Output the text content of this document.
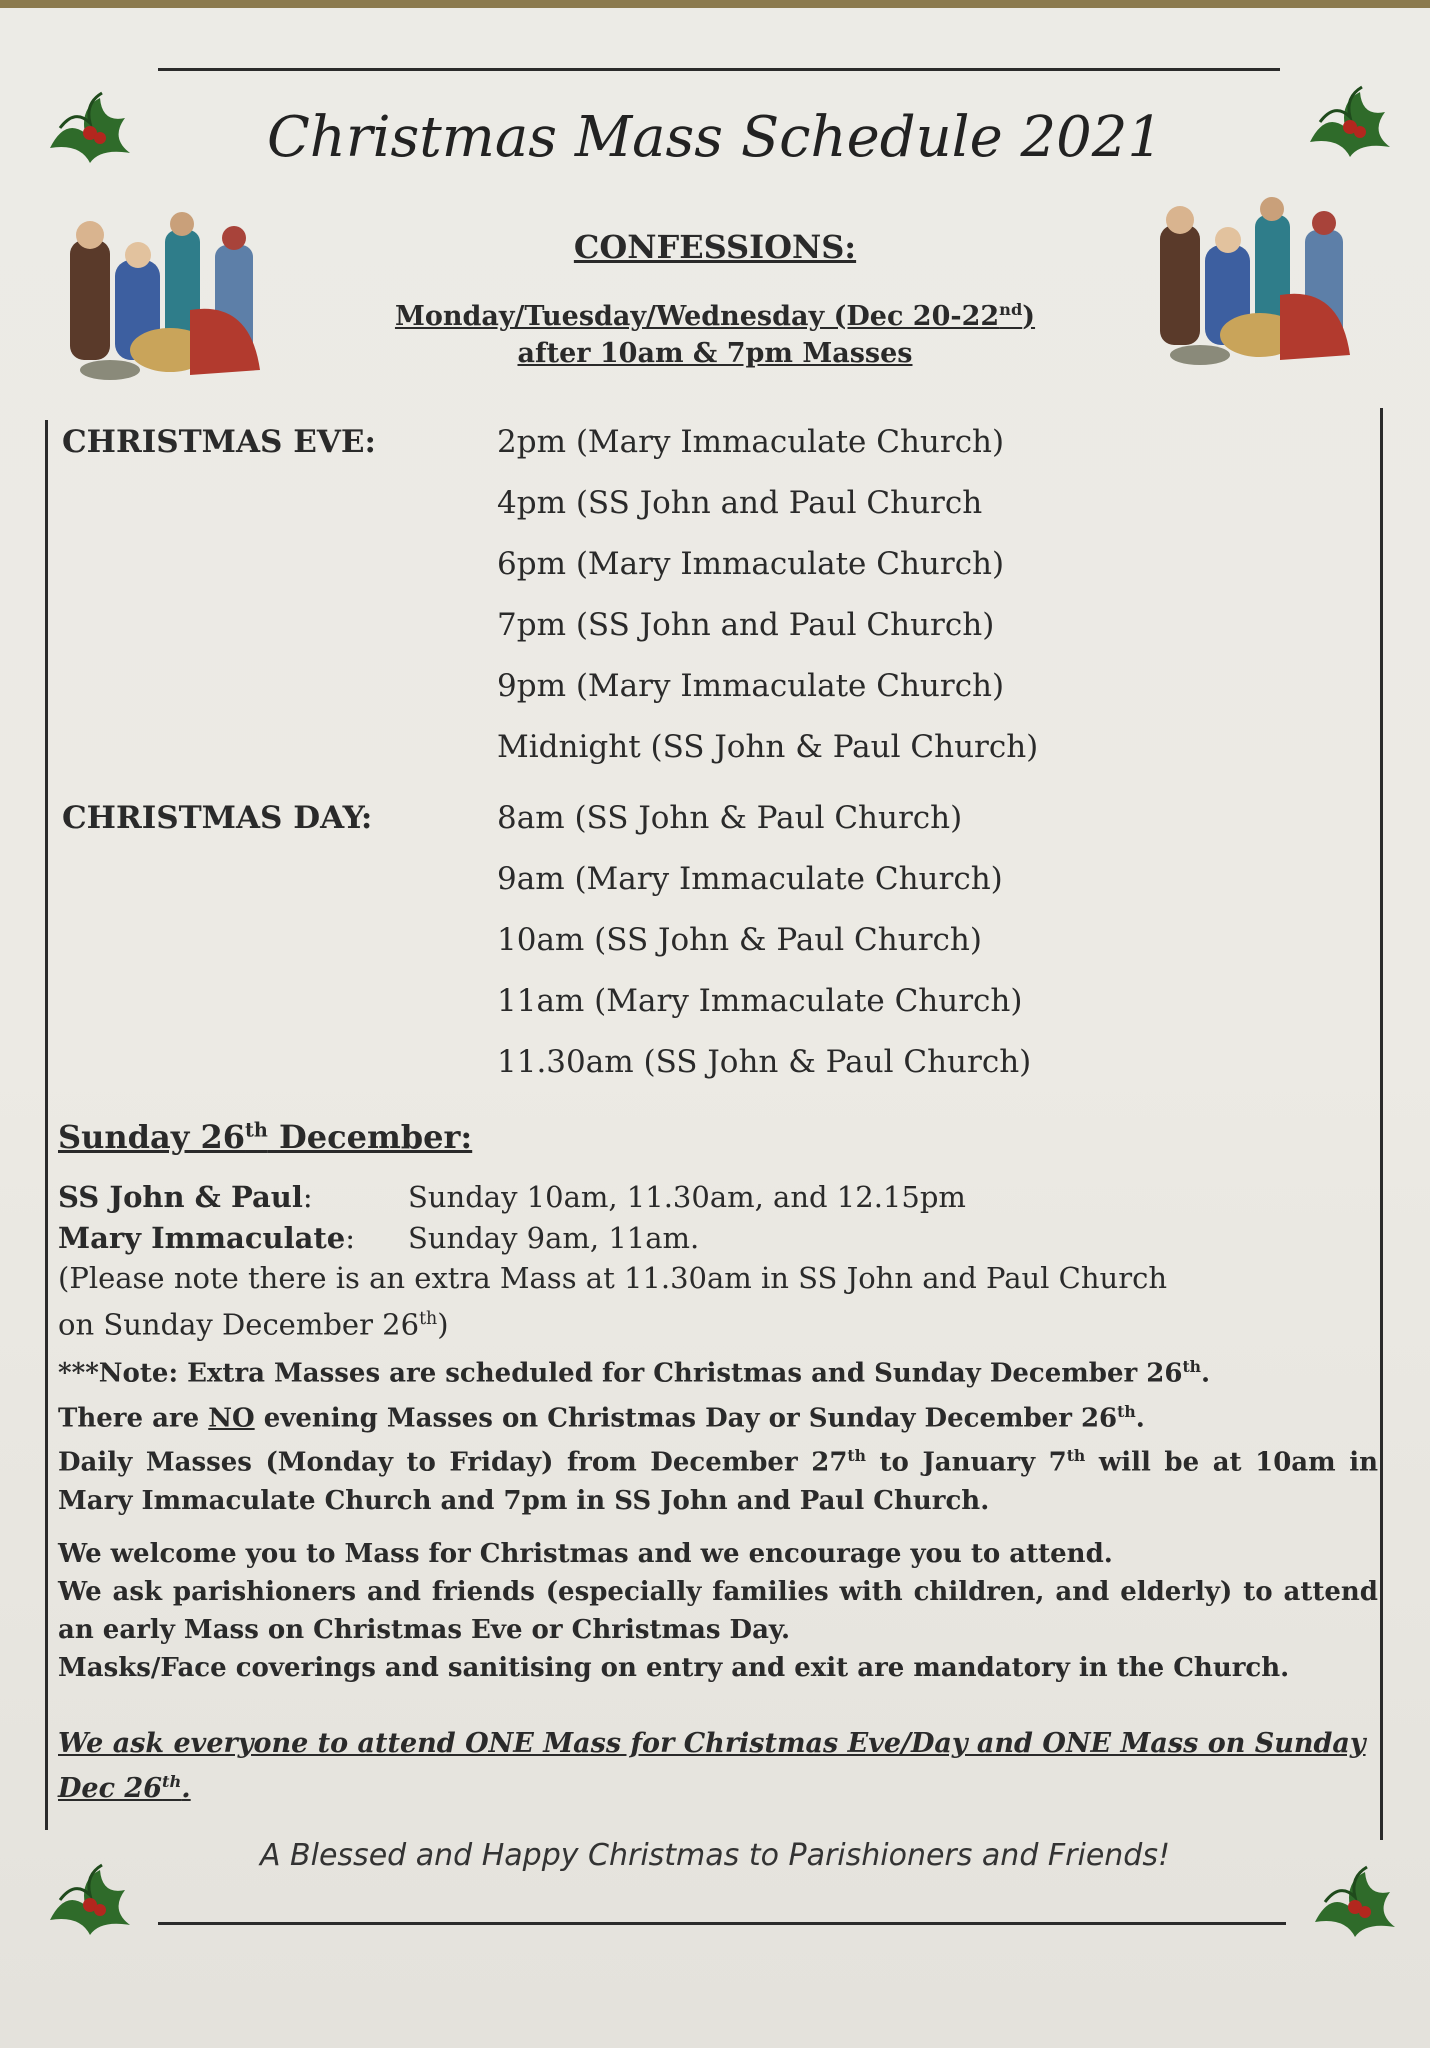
Christmas Mass Schedule 2021
CONFESSIONS:
Monday/Tuesday/Wednesday (Dec 20-22nd)
after 10am & 7pm Masses
CHRISTMAS EVE:	2pm (Mary Immaculate Church)
4pm (SS John and Paul Church
6pm (Mary Immaculate Church)
7pm (SS John and Paul Church)
9pm (Mary Immaculate Church)
Midnight (SS John & Paul Church)
CHRISTMAS DAY:	8am (SS John & Paul Church)
9am (Mary Immaculate Church)
10am (SS John & Paul Church)
11am (Mary Immaculate Church)
11.30am (SS John & Paul Church)
Sunday 26th December:
SS John & Paul:	Sunday 10am, 11.30am, and 12.15pm
Mary Immaculate: Sunday 9am, 11am.
(Please note there is an extra Mass at 11.30am in SS John and Paul Church
on Sunday December 26th)
***Note: Extra Masses are scheduled for Christmas and Sunday December 26th.
There are NO evening Masses on Christmas Day or Sunday December 26th.
Daily Masses (Monday to Friday) from December 27th to January 7th will be at 10am in Mary Immaculate Church and 7pm in SS John and Paul Church.
We welcome you to Mass for Christmas and we encourage you to attend.
We ask parishioners and friends (especially families with children, and elderly) to attend an early Mass on Christmas Eve or Christmas Day.
Masks/Face coverings and sanitising on entry and exit are mandatory in the Church.
We ask everyone to attend ONE Mass for Christmas Eve/Day and ONE Mass on Sunday Dec 26th.
A Blessed and Happy Christmas to Parishioners and Friends!
